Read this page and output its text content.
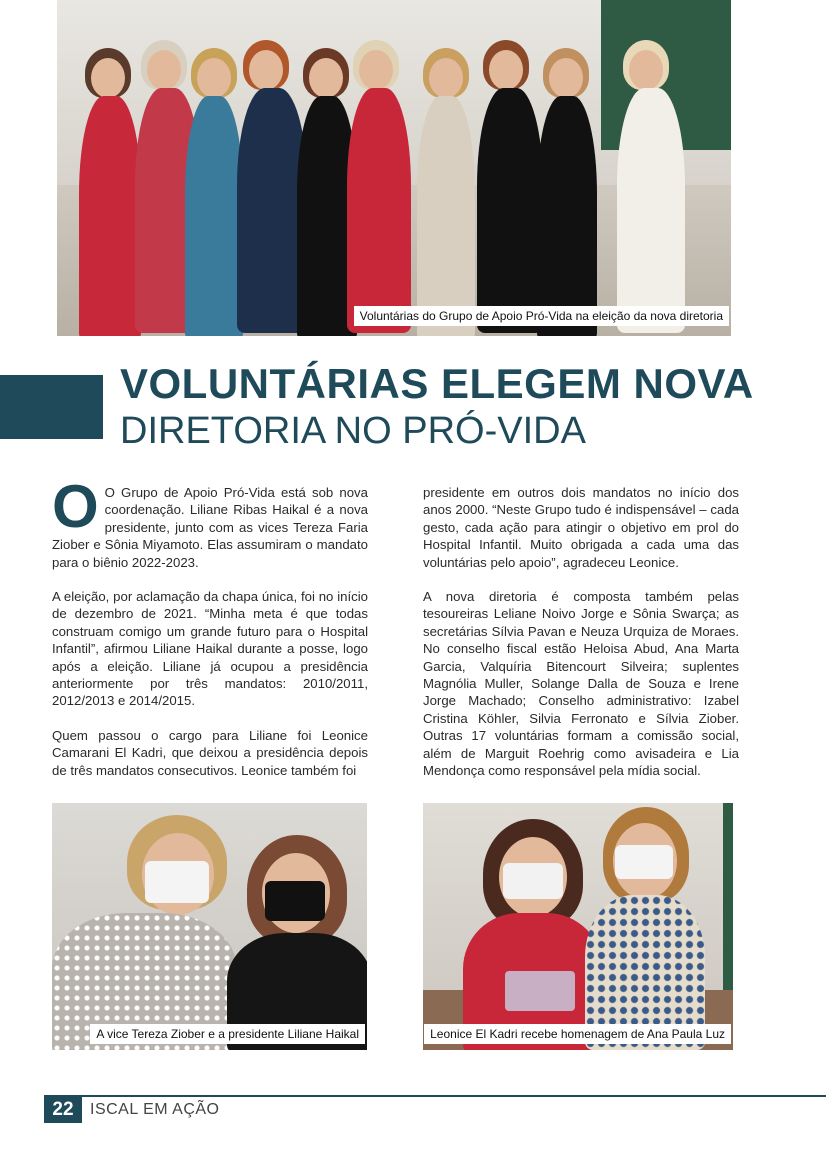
Voluntárias do Grupo de Apoio Pró-Vida na eleição da nova diretoria
VOLUNTÁRIAS ELEGEM NOVA
DIRETORIA NO PRÓ-VIDA

O O Grupo de Apoio Pró-Vida está sob nova coordenação. Liliane Ribas Haikal é a nova presidente, junto com as vices Tereza Faria Ziober e Sônia Miyamoto. Elas assumiram o mandato para o biênio 2022-2023.

A eleição, por aclamação da chapa única, foi no início de dezembro de 2021. “Minha meta é que todas construam comigo um grande futuro para o Hospital Infantil”, afirmou Liliane Haikal durante a posse, logo após a eleição. Liliane já ocupou a presidência anteriormente por três mandatos: 2010/2011, 2012/2013 e 2014/2015.

Quem passou o cargo para Liliane foi Leonice Camarani El Kadri, que deixou a presidência depois de três mandatos consecutivos. Leonice também foi

presidente em outros dois mandatos no início dos anos 2000. “Neste Grupo tudo é indispensável – cada gesto, cada ação para atingir o objetivo em prol do Hospital Infantil. Muito obrigada a cada uma das voluntárias pelo apoio”, agradeceu Leonice.

A nova diretoria é composta também pelas tesoureiras Leliane Noivo Jorge e Sônia Swarça; as secretárias Sílvia Pavan e Neuza Urquiza de Moraes. No conselho fiscal estão Heloisa Abud, Ana Marta Garcia, Valquíria Bitencourt Silveira; suplentes Magnólia Muller, Solange Dalla de Souza e Irene Jorge Machado; Conselho administrativo: Izabel Cristina Köhler, Silvia Ferronato e Sílvia Ziober. Outras 17 voluntárias formam a comissão social, além de Marguit Roehrig como avisadeira e Lia Mendonça como responsável pela mídia social.

A vice Tereza Ziober e a presidente Liliane Haikal	Leonice El Kadri recebe homenagem de Ana Paula Luz
22	ISCAL EM AÇÃO
